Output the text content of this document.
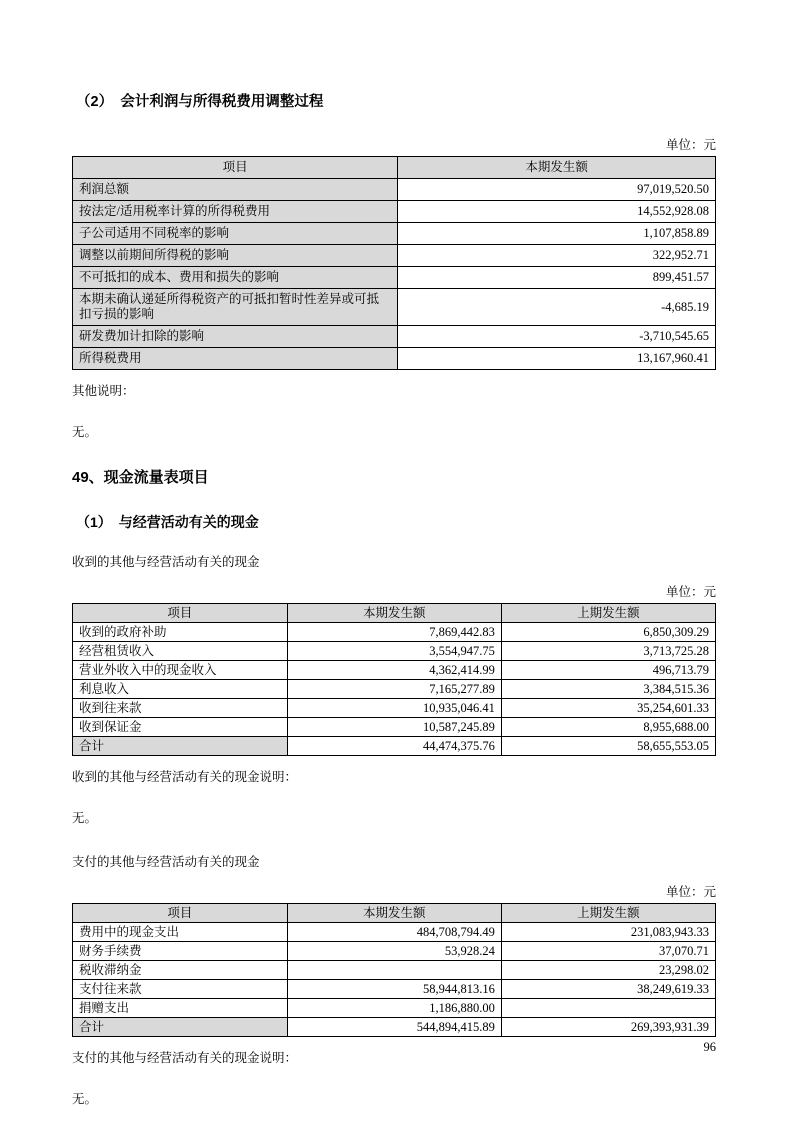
（2）　会计利润与所得税费用调整过程
单位：元
项目	本期发生额
利润总额	97,019,520.50
按法定/适用税率计算的所得税费用	14,552,928.08
子公司适用不同税率的影响	1,107,858.89
调整以前期间所得税的影响	322,952.71
不可抵扣的成本、费用和损失的影响	899,451.57
本期未确认递延所得税资产的可抵扣暂时性差异或可抵扣亏损的影响	-4,685.19
研发费加计扣除的影响	-3,710,545.65
所得税费用	13,167,960.41

其他说明：

无。

49、现金流量表项目
（1）　与经营活动有关的现金

收到的其他与经营活动有关的现金

单位：元
项目	本期发生额	上期发生额
收到的政府补助	7,869,442.83	6,850,309.29
经营租赁收入	3,554,947.75	3,713,725.28
营业外收入中的现金收入	4,362,414.99	496,713.79
利息收入	7,165,277.89	3,384,515.36
收到往来款	10,935,046.41	35,254,601.33
收到保证金	10,587,245.89	8,955,688.00
合计	44,474,375.76	58,655,553.05

收到的其他与经营活动有关的现金说明：

无。

支付的其他与经营活动有关的现金

单位：元
项目	本期发生额	上期发生额
费用中的现金支出	484,708,794.49	231,083,943.33
财务手续费	53,928.24	37,070.71
税收滞纳金		23,298.02
支付往来款	58,944,813.16	38,249,619.33
捐赠支出	1,186,880.00	
合计	544,894,415.89	269,393,931.39

支付的其他与经营活动有关的现金说明：

无。

96
